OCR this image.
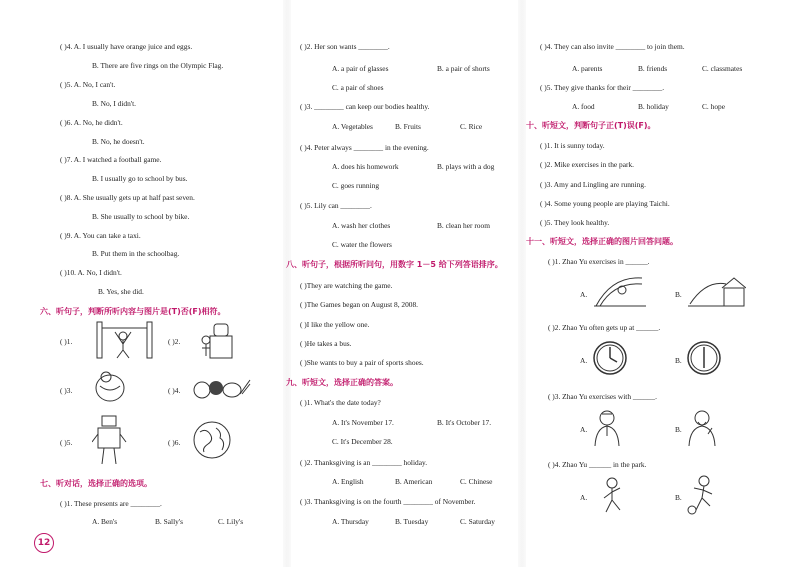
( )4. A. I usually have orange juice and eggs.
B. There are five rings on the Olympic Flag.
( )5. A. No, I can't.
B. No, I didn't.
( )6. A. No, he didn't.
B. No, he doesn't.
( )7. A. I watched a football game.
B. I usually go to school by bus.
( )8. A. She usually gets up at half past seven.
B. She usually to school by bike.
( )9. A. You can take a taxi.
B. Put them in the schoolbag.
( )10. A. No, I didn't.
B. Yes, she did.
六、听句子，判断所听内容与图片是(T)否(F)相符。
( )1.	( )2.
( )3.	( )4.
( )5.	( )6.
七、听对话，选择正确的选项。
( )1. These presents are ________.
A. Ben's	B. Sally's	C. Lily's
( )2. Her son wants ________.
A. a pair of glasses	B. a pair of shorts
C. a pair of shoes
( )3. ________ can keep our bodies healthy.
A. Vegetables	B. Fruits	C. Rice
( )4. Peter always ________ in the evening.
A. does his homework	B. plays with a dog
C. goes running
( )5. Lily can ________.
A. wash her clothes	B. clean her room
C. water the flowers
八、听句子，根据所听问句，用数字 1－5 给下列答语排序。
( )They are watching the game.
( )The Games began on August 8, 2008.
( )I like the yellow one.
( )He takes a bus.
( )She wants to buy a pair of sports shoes.
九、听短文，选择正确的答案。
( )1. What's the date today?
A. It's November 17.	B. It's October 17.
C. It's December 28.
( )2. Thanksgiving is an ________ holiday.
A. English	B. American	C. Chinese
( )3. Thanksgiving is on the fourth ________ of November.
A. Thursday	B. Tuesday	C. Saturday
( )4. They can also invite ________ to join them.
A. parents	B. friends	C. classmates
( )5. They give thanks for their ________.
A. food	B. holiday	C. hope
十、听短文，判断句子正(T)误(F)。
( )1. It is sunny today.
( )2. Mike exercises in the park.
( )3. Amy and Lingling are running.
( )4. Some young people are playing Taichi.
( )5. They look healthy.
十一、听短文，选择正确的图片回答问题。
( )1. Zhao Yu exercises in ______.
A.	B.
( )2. Zhao Yu often gets up at ______.
A.	B.
( )3. Zhao Yu exercises with ______.
A.	B.
( )4. Zhao Yu ______ in the park.
A.	B.
12
